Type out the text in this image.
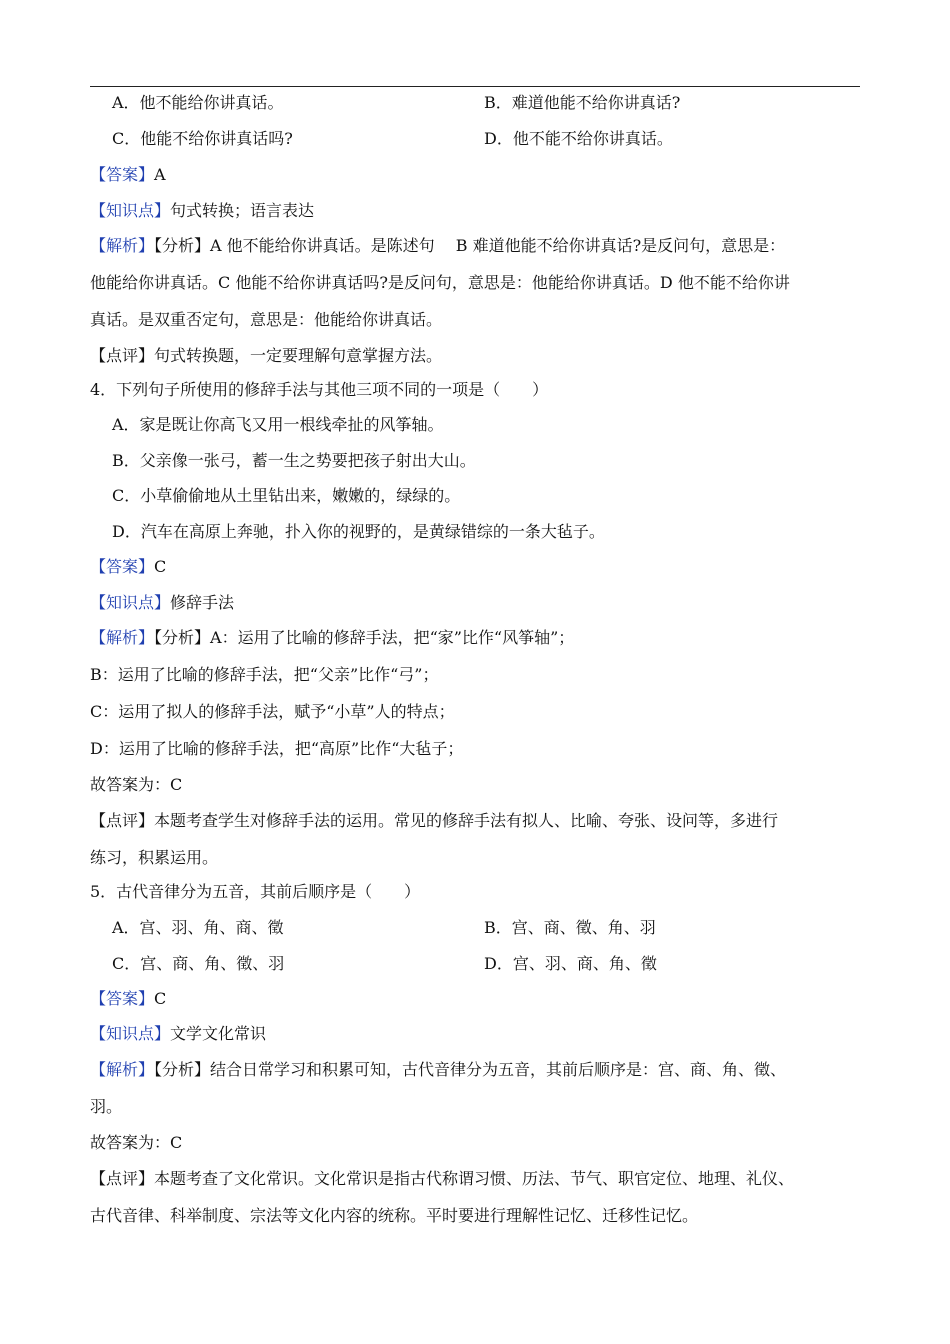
A．他不能给你讲真话。	B．难道他能不给你讲真话?
C．他能不给你讲真话吗?	D．他不能不给你讲真话。
【答案】A
【知识点】句式转换；语言表达
【解析】【分析】A 他不能给你讲真话。是陈述句　 B 难道他能不给你讲真话?是反问句，意思是：
他能给你讲真话。C 他能不给你讲真话吗?是反问句，意思是：他能给你讲真话。D 他不能不给你讲
真话。是双重否定句，意思是：他能给你讲真话。
【点评】句式转换题，一定要理解句意掌握方法。
4．下列句子所使用的修辞手法与其他三项不同的一项是（　　）
A．家是既让你高飞又用一根线牵扯的风筝轴。
B．父亲像一张弓，蓄一生之势要把孩子射出大山。
C．小草偷偷地从土里钻出来，嫩嫩的，绿绿的。
D．汽车在高原上奔驰，扑入你的视野的，是黄绿错综的一条大毡子。
【答案】C
【知识点】修辞手法
【解析】【分析】A：运用了比喻的修辞手法，把“家”比作“风筝轴”；
B：运用了比喻的修辞手法，把“父亲”比作“弓”；
C：运用了拟人的修辞手法，赋予“小草”人的特点；
D：运用了比喻的修辞手法，把“高原”比作“大毡子；
故答案为：C
【点评】本题考查学生对修辞手法的运用。常见的修辞手法有拟人、比喻、夸张、设问等，多进行
练习，积累运用。
5．古代音律分为五音，其前后顺序是（　　）
A．宫、羽、角、商、徵	B．宫、商、徵、角、羽
C．宫、商、角、徵、羽	D．宫、羽、商、角、徵
【答案】C
【知识点】文学文化常识
【解析】【分析】结合日常学习和积累可知，古代音律分为五音，其前后顺序是：宫、商、角、徵、
羽。
故答案为：C
【点评】本题考查了文化常识。文化常识是指古代称谓习惯、历法、节气、职官定位、地理、礼仪、
古代音律、科举制度、宗法等文化内容的统称。平时要进行理解性记忆、迁移性记忆。
